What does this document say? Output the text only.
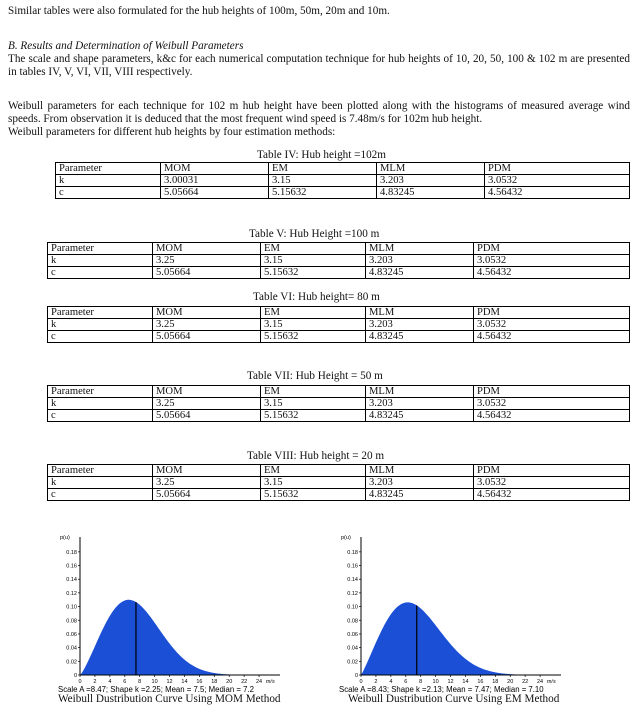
Similar tables were also formulated for the hub heights of 100m, 50m, 20m and 10m.

B. Results and Determination of Weibull Parameters

The scale and shape parameters, k&c for each numerical computation technique for hub heights of 10, 20, 50, 100 & 102 m are presented in tables IV, V, VI, VII, VIII respectively.

Weibull parameters for each technique for 102 m hub height have been plotted along with the histograms of measured average wind speeds. From observation it is deduced that the most frequent wind speed is 7.48m/s for 102m hub height.

Weibull parameters for different hub heights by four estimation methods:

Table IV: Hub height =102m
Parameter	MOM	EM	MLM	PDM
k	3.00031	3.15	3.203	3.0532
c	5.05664	5.15632	4.83245	4.56432
Table V: Hub Height =100 m
Parameter	MOM	EM	MLM	PDM
k	3.25	3.15	3.203	3.0532
c	5.05664	5.15632	4.83245	4.56432
Table VI: Hub height= 80 m
Parameter	MOM	EM	MLM	PDM
k	3.25	3.15	3.203	3.0532
c	5.05664	5.15632	4.83245	4.56432
Table VII: Hub Height = 50 m
Parameter	MOM	EM	MLM	PDM
k	3.25	3.15	3.203	3.0532
c	5.05664	5.15632	4.83245	4.56432
Table VIII: Hub height = 20 m
Parameter	MOM	EM	MLM	PDM
k	3.25	3.15	3.203	3.0532
c	5.05664	5.15632	4.83245	4.56432
p(u)
0.18
0.16
0.14
0.12
0.10
0.08
0.06
0.04
0.02
0
0 2 4 6 8 10 12 14 16 18 20 22 24 m/s
Scale A =8.47; Shape k =2.25; Mean = 7.5; Median = 7.2
Weibull Dustribution Curve Using MOM Method
p(u)
0.18
0.16
0.14
0.12
0.10
0.08
0.06
0.04
0.02
0
0 2 4 6 8 10 12 14 16 18 20 22 24 m/s
Scale A =8.43; Shape k =2.13; Mean = 7.47; Median = 7.10
Weibull Dustribution Curve Using EM Method
